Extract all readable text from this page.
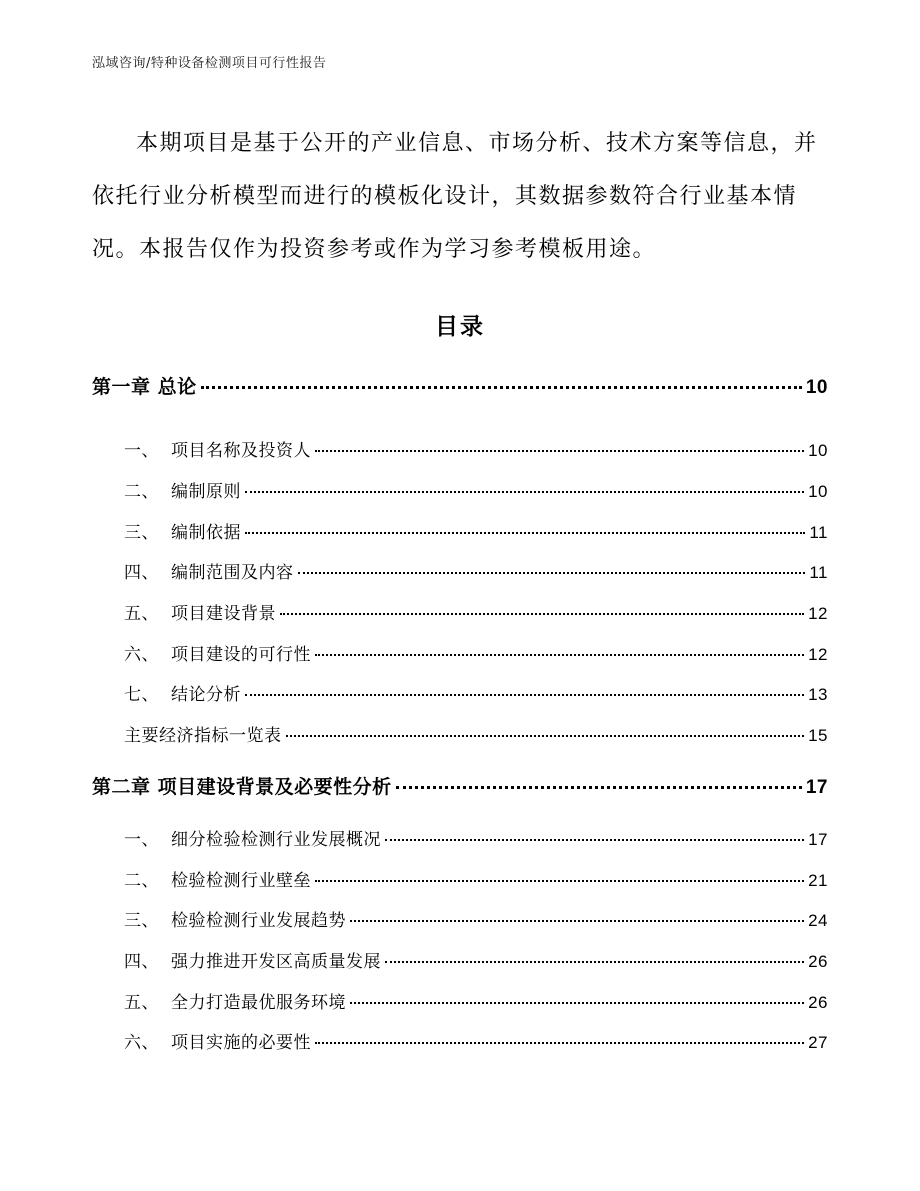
泓域咨询/特种设备检测项目可行性报告

本期项目是基于公开的产业信息、市场分析、技术方案等信息，并依托行业分析模型而进行的模板化设计，其数据参数符合行业基本情况。本报告仅作为投资参考或作为学习参考模板用途。

目录
第一章 总论	10
一、 项目名称及投资人	10
二、 编制原则	10
三、 编制依据	11
四、 编制范围及内容	11
五、 项目建设背景	12
六、 项目建设的可行性	12
七、 结论分析	13
主要经济指标一览表	15
第二章 项目建设背景及必要性分析	17
一、 细分检验检测行业发展概况	17
二、 检验检测行业壁垒	21
三、 检验检测行业发展趋势	24
四、 强力推进开发区高质量发展	26
五、 全力打造最优服务环境	26
六、 项目实施的必要性	27
